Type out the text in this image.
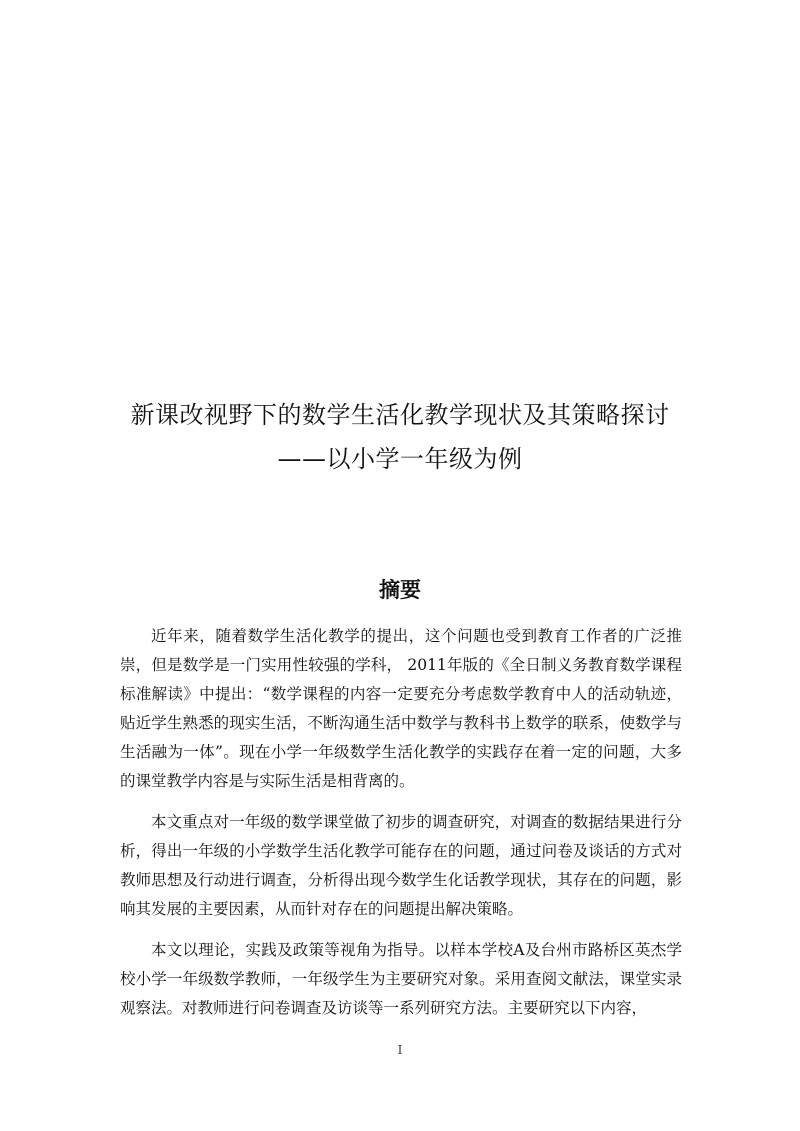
新课改视野下的数学生活化教学现状及其策略探讨
——以小学一年级为例
摘要

近年来，随着数学生活化教学的提出，这个问题也受到教育工作者的广泛推崇，但是数学是一门实用性较强的学科， 2011年版的《全日制义务教育数学课程标准解读》中提出：“数学课程的内容一定要充分考虑数学教育中人的活动轨迹，贴近学生熟悉的现实生活，不断沟通生活中数学与教科书上数学的联系，使数学与生活融为一体”。现在小学一年级数学生活化教学的实践存在着一定的问题，大多的课堂教学内容是与实际生活是相背离的。

本文重点对一年级的数学课堂做了初步的调查研究，对调查的数据结果进行分析，得出一年级的小学数学生活化教学可能存在的问题，通过问卷及谈话的方式对教师思想及行动进行调查，分析得出现今数学生化话教学现状，其存在的问题，影响其发展的主要因素，从而针对存在的问题提出解决策略。

本文以理论，实践及政策等视角为指导。以样本学校A及台州市路桥区英杰学校小学一年级数学教师，一年级学生为主要研究对象。采用查阅文献法，课堂实录观察法。对教师进行问卷调查及访谈等一系列研究方法。主要研究以下内容，

I
